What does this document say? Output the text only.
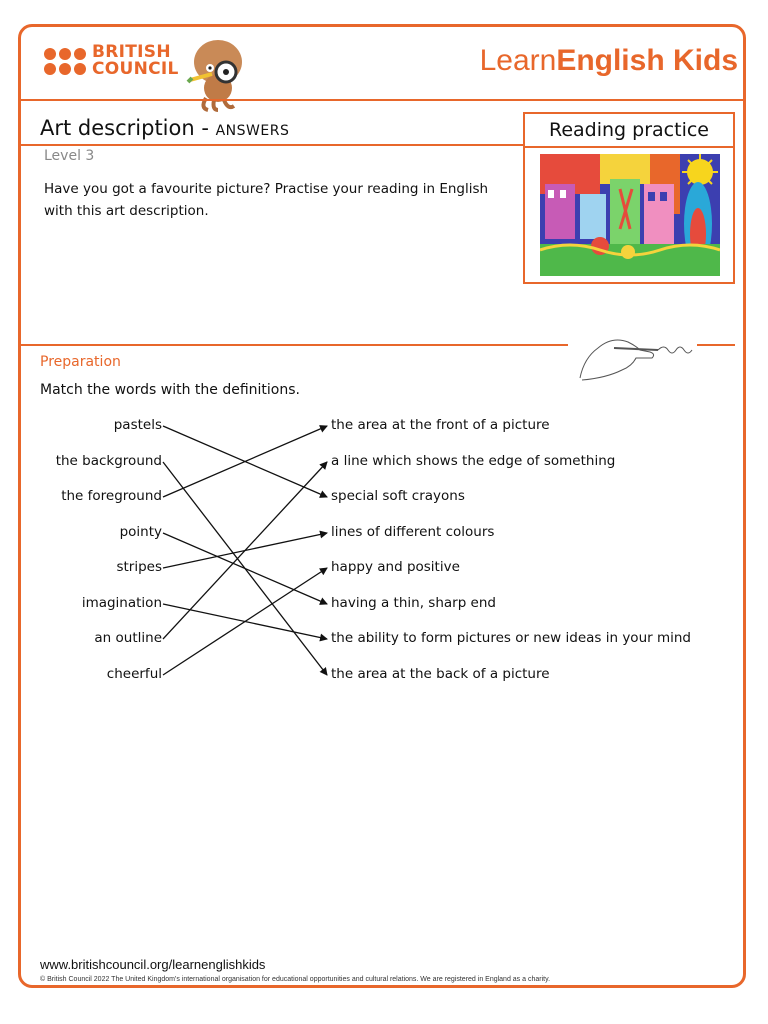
BRITISH
COUNCIL	LearnEnglish Kids
Art description - ANSWERS
Level 3
Have you got a favourite picture? Practise your reading in English with this art description.
Reading practice
Preparation
Match the words with the definitions.
pastels
the background
the foreground
pointy
stripes
imagination
an outline
cheerful
the area at the front of a picture
a line which shows the edge of something
special soft crayons
lines of different colours
happy and positive
having a thin, sharp end
the ability to form pictures or new ideas in your mind
the area at the back of a picture
www.britishcouncil.org/learnenglishkids
© British Council 2022 The United Kingdom's international organisation for educational opportunities and cultural relations. We are registered in England as a charity.
